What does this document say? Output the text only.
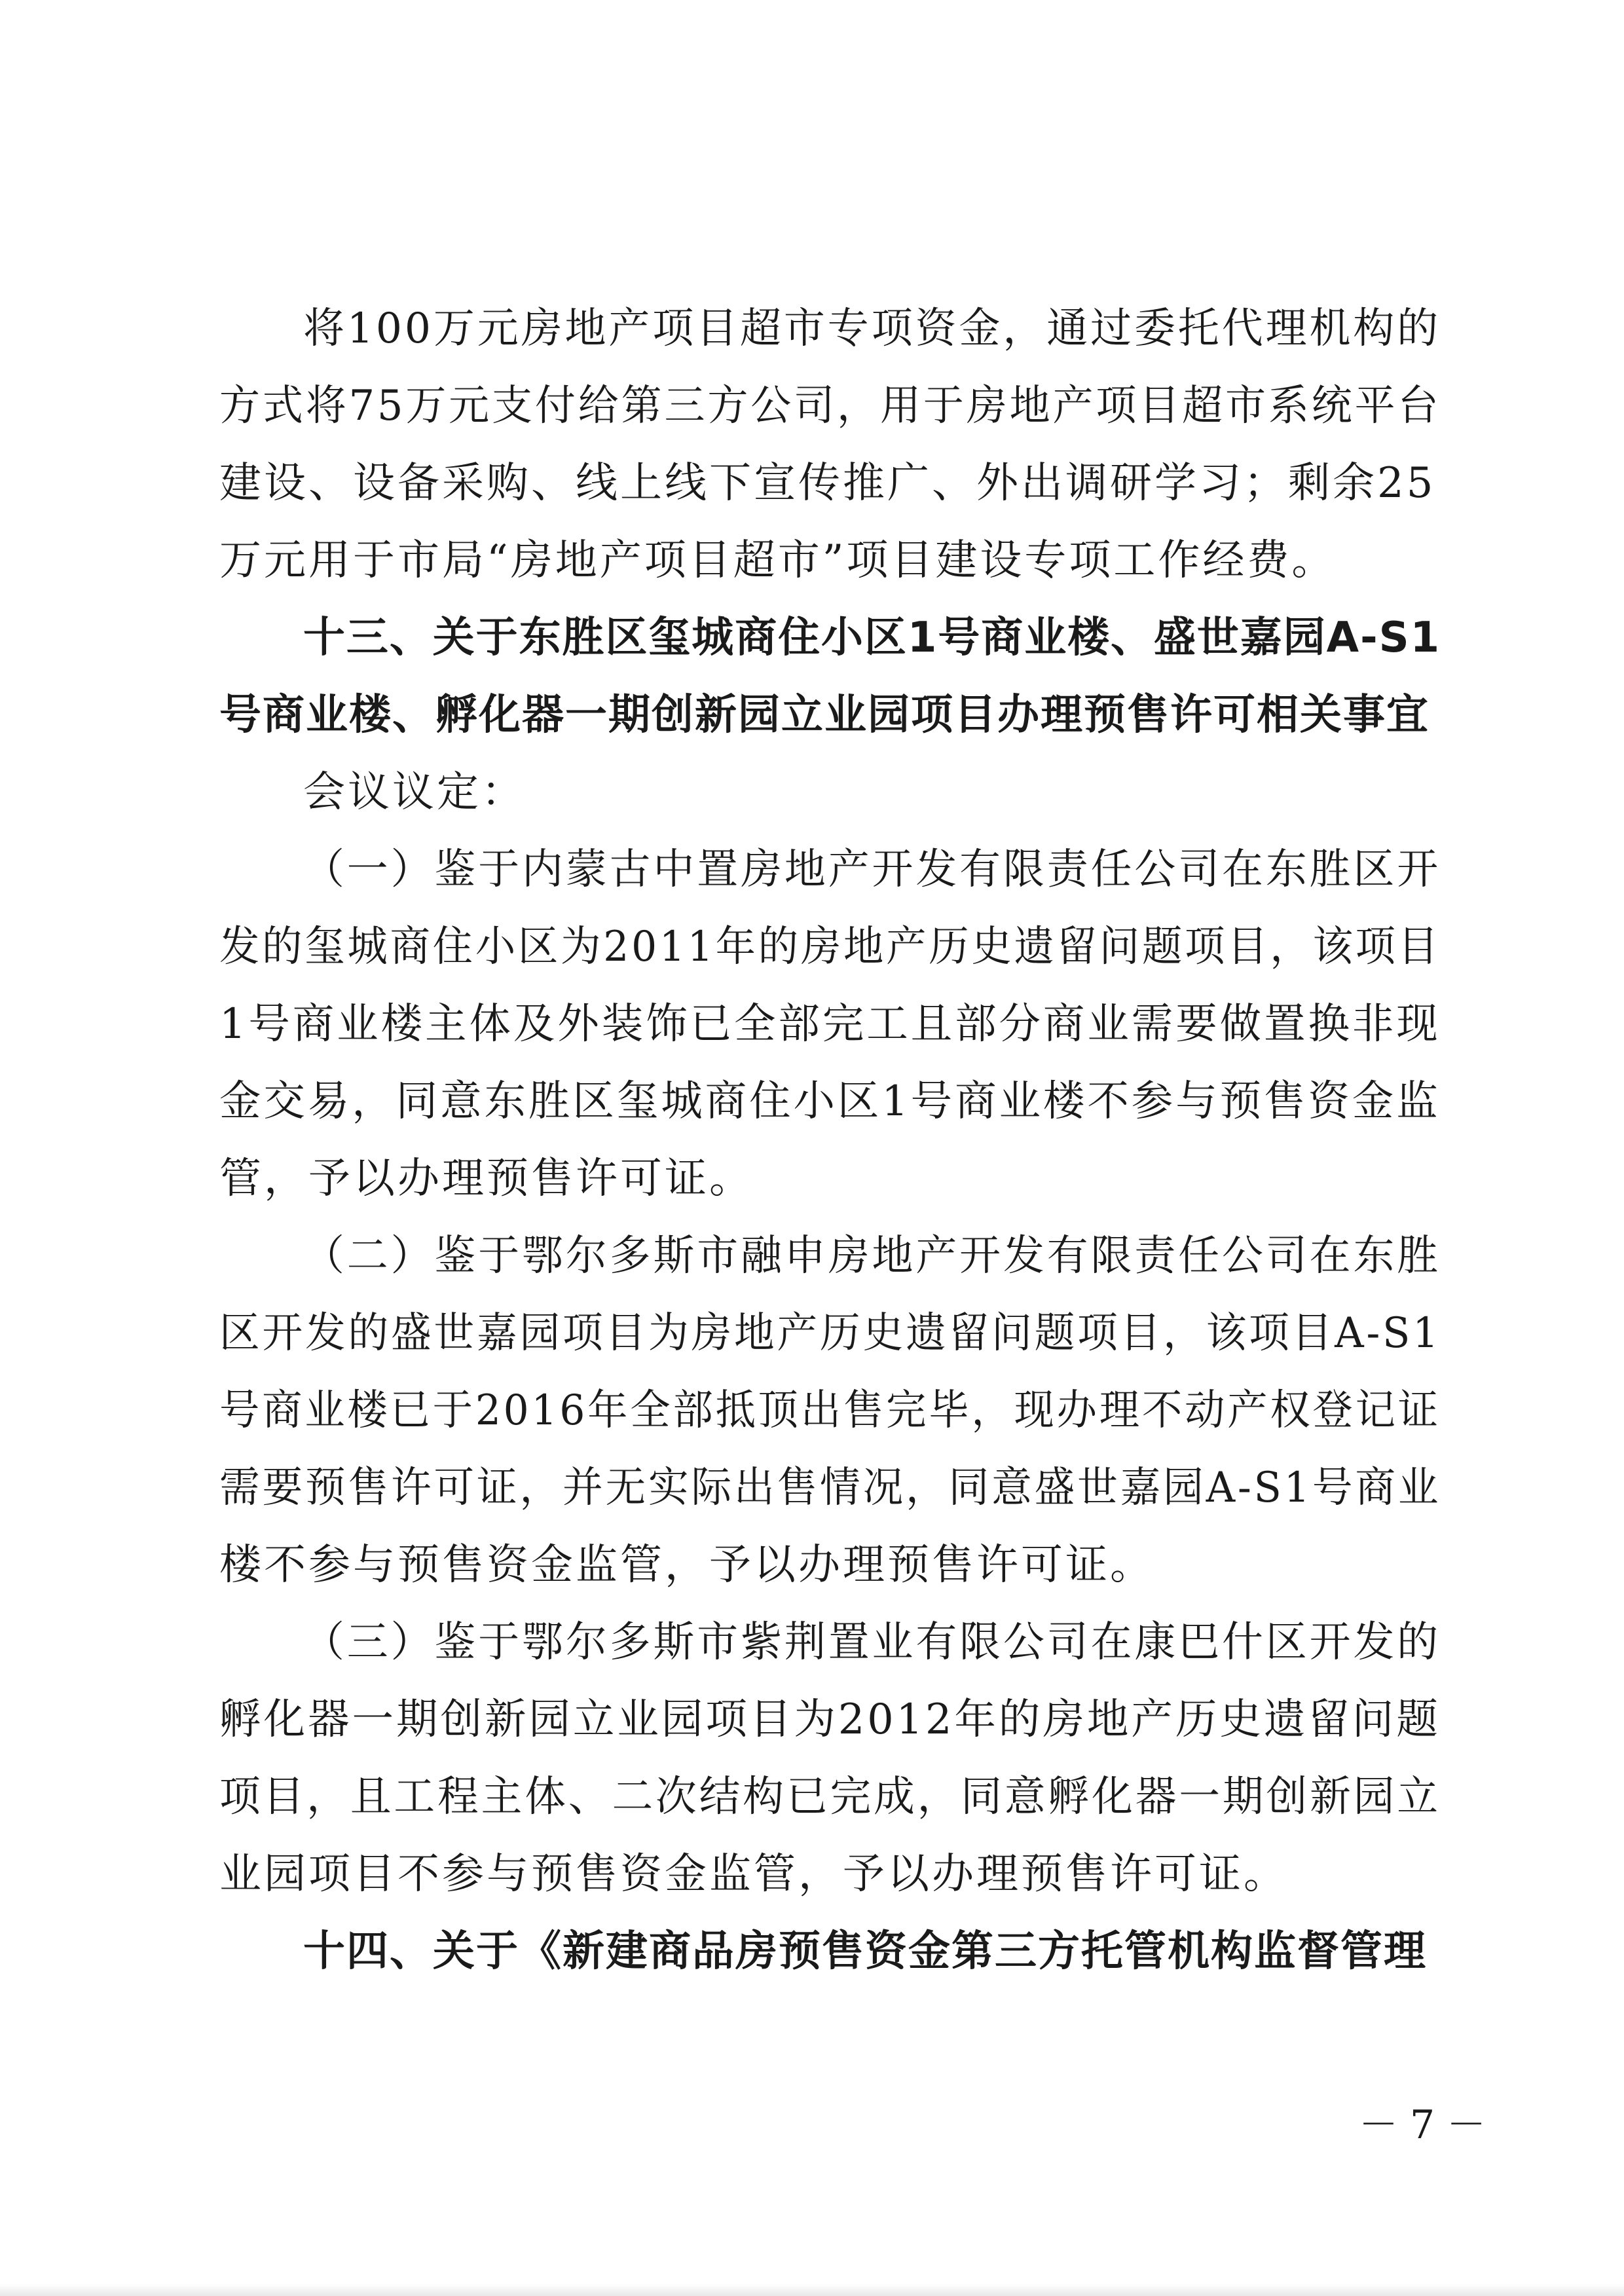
将100万元房地产项目超市专项资金，通过委托代理机构的
方式将75万元支付给第三方公司，用于房地产项目超市系统平台
建设、设备采购、线上线下宣传推广、外出调研学习；剩余25
万元用于市局“房地产项目超市”项目建设专项工作经费。
十三、关于东胜区玺城商住小区1号商业楼、盛世嘉园A-S1
号商业楼、孵化器一期创新园立业园项目办理预售许可相关事宜
会议议定：
（一）鉴于内蒙古中置房地产开发有限责任公司在东胜区开
发的玺城商住小区为2011年的房地产历史遗留问题项目，该项目
1号商业楼主体及外装饰已全部完工且部分商业需要做置换非现
金交易，同意东胜区玺城商住小区1号商业楼不参与预售资金监
管，予以办理预售许可证。
（二）鉴于鄂尔多斯市融申房地产开发有限责任公司在东胜
区开发的盛世嘉园项目为房地产历史遗留问题项目，该项目A-S1
号商业楼已于2016年全部抵顶出售完毕，现办理不动产权登记证
需要预售许可证，并无实际出售情况，同意盛世嘉园A-S1号商业
楼不参与预售资金监管，予以办理预售许可证。
（三）鉴于鄂尔多斯市紫荆置业有限公司在康巴什区开发的
孵化器一期创新园立业园项目为2012年的房地产历史遗留问题
项目，且工程主体、二次结构已完成，同意孵化器一期创新园立
业园项目不参与预售资金监管，予以办理预售许可证。
十四、关于《新建商品房预售资金第三方托管机构监督管理
－7－
